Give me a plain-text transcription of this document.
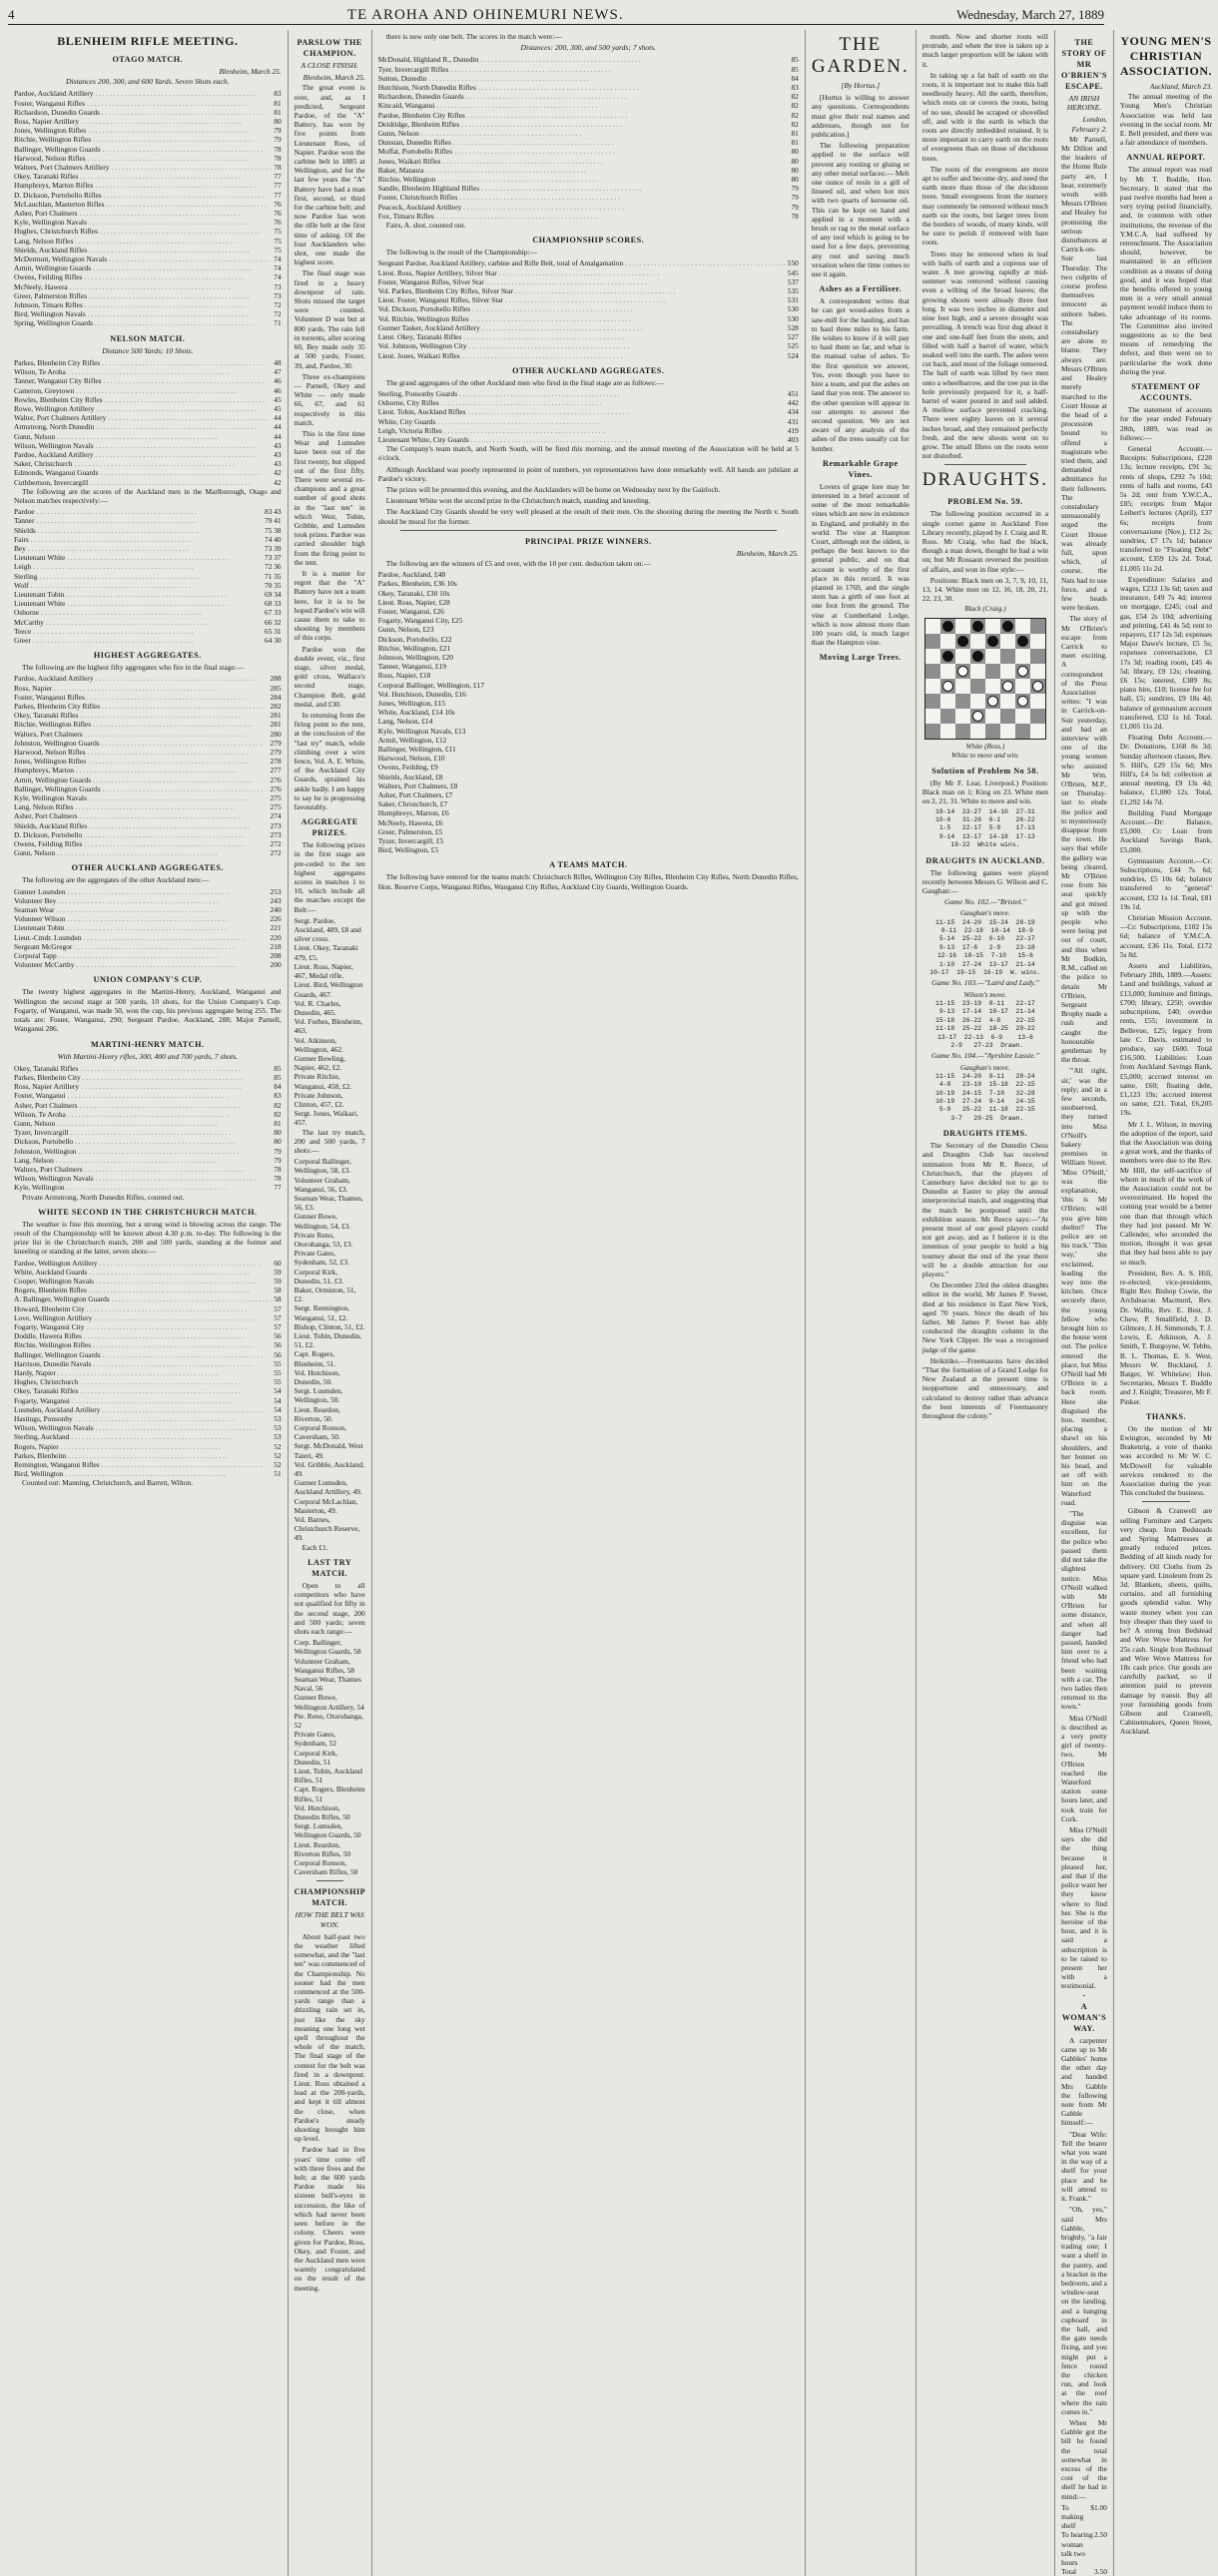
4	TE AROHA AND OHINEMURI NEWS.	Wednesday, March 27, 1889
BLENHEIM RIFLE MEETING.
OTAGO MATCH.
Blenheim, March 25.
Distances 200, 300, and 600 Yards. Seven Shots each.
Pardoe, Auckland Artillery . . .	83
Foster, Wanganui Rifles . . .	81
Richardson, Dunedin Guards . . .	81
Ross, Napier Artillery . . .	80
Jones, Wellington Rifles . . .	79
Ritchie, Wellington Rifles . . .	79
Ballinger, Wellington Guards . . .	78
Harwood, Nelson Rifles . . .	78
Walters, Port Chalmers Artillery . . .	78
Okey, Taranaki Rifles . . .	77
Humphreys, Marton Rifles . . .	77
D. Dickson, Portobello Rifles . . .	77
McLauchlan, Masterton Rifles . . .	76
Asher, Port Chalmers . . .	76
Kyle, Wellington Navals . . .	76
Hughes, Christchurch Rifles . . .	75
Lang, Nelson Rifles . . .	75
Shields, Auckland Rifles . . .	75
McDermott, Wellington Navals . . .	74
Armit, Wellington Guards . . .	74
Owens, Feilding Rifles . . .	74
McNeely, Hawera . . .	73
Greer, Palmerston Rifles . . .	73
Johnson, Timaru Rifles . . .	72
Bird, Wellington Navals . . .	72
Spring, Wellington Guards . . .	71
NELSON MATCH.
Distance 500 Yards; 10 Shots.
Parkes, Blenheim City Rifles . . .	48
Wilson, Te Aroha . . .	47
Tanner, Wanganui City Rifles . . .	46
Cameron, Greytown . . .	46
Rowles, Blenheim City Rifles . . .	45
Rowe, Wellington Artillery . . .	45
Walter, Port Chalmers Artillery . . .	44
Armstrong, North Dunedin . . .	44
Gunn, Nelson . . .	44
Wilson, Wellington Navals . . .	43
Pardoe, Auckland Artillery . . .	43
Saker, Christchurch . . .	43
Edmonds, Wanganui Guards . . .	42
Cuthbertson, Invercargill . . .	42
The following are the scores of the Auckland men in the Marlborough, Otago and Nelson matches respectively:—
Pardoe . . .	83 43
Tanner . . .	79 41
Shields . . .	75 38
Fairs . . .	74 40
Bey . . .	73 39
Lieutenant White . . .	73 37
Leigh . . .	72 36
Sterling . . .	71 35
Wolf . . .	70 35
Lieutenant Tobin . . .	69 34
Lieutenant White . . .	68 33
Osborne . . .	67 33
McCarthy . . .	66 32
Teece . . .	65 31
Greer . . .	64 30
HIGHEST AGGREGATES.
The following are the highest fifty aggregates who fire in the final stage:—
Pardoe, Auckland Artillery . . .	288
Ross, Napier . . .	285
Foster, Wanganui Rifles . . .	284
Parkes, Blenheim City Rifles . . .	282
Okey, Taranaki Rifles . . .	281
Ritchie, Wellington Rifles . . .	281
Walters, Port Chalmers . . .	280
Johnston, Wellington Guards . . .	279
Harwood, Nelson Rifles . . .	279
Jones, Wellington Rifles . . .	278
Humphreys, Marton . . .	277
Armit, Wellington Guards . . .	276
Ballinger, Wellington Guards . . .	276
Kyle, Wellington Navals . . .	275
Lang, Nelson Rifles . . .	275
Asher, Port Chalmers . . .	274
Shields, Auckland Rifles . . .	273
D. Dickson, Portobello . . .	273
Owens, Feilding Rifles . . .	272
Gunn, Nelson . . .	272
OTHER AUCKLAND AGGREGATES.
The following are the aggregates of the other Auckland men:—
Gunner Lusmden . . .	253
Volunteer Bey . . .	243
Seaman Wear . . .	240
Volunteer Wilson . . .	226
Lieutenant Tobin . . .	221
Lieut.-Cmdr. Lusmden . . .	220
Sergeant McGregor . . .	218
Corporal Tapp . . .	208
Volunteer McCarthy . . .	200
UNION COMPANY'S CUP.
The twenty highest aggregates in the Martini-Henry, Auckland, Wanganui and Wellington the second stage at 500 yards, 10 shots, for the Union Company's Cup. Fogarty, of Wanganui, was made 50, won the cup, his previous aggregate being 255. The totals are: Foster, Wanganui, 290; Sergeant Pardoe, Auckland, 288; Major Parnell, Wanganui 286.
MARTINI-HENRY MATCH.
With Martini-Henry rifles, 300, 400 and 700 yards, 7 shots.
Okey, Taranaki Rifles . . .	85
Parkes, Blenheim City . . .	85
Ross, Napier Artillery . . .	84
Foster, Wanganui . . .	83
Asher, Port Chalmers . . .	82
Wilson, Te Aroha . . .	82
Gunn, Nelson . . .	81
Tyzer, Invercargill . . .	80
Dickson, Portobello . . .	80
Johnston, Wellington . . .	79
Lang, Nelson . . .	79
Walters, Port Chalmers . . .	78
Wilson, Wellington Navals . . .	78
Kyle, Wellington . . .	77
Private Armstrong, North Dunedin Rifles, counted out.
WHITE SECOND IN THE CHRISTCHURCH MATCH.
The weather is fine this morning, but a strong wind is blowing across the range. The result of the Championship will be known about 4.30 p.m. to-day. The following is the prize list in the Christchurch match, 200 and 500 yards, standing at the former and kneeling or standing at the latter, seven shots:—
Fardoe, Wellington Artillery . . .	60
White, Auckland Guards . . .	59
Cooper, Wellington Navals . . .	59
Rogers, Blenheim Rifles . . .	58
A. Ballinger, Wellington Guards . . .	58
Howard, Blenheim City . . .	57
Love, Wellington Artillery . . .	57
Fogarty, Wanganui City . . .	57
Doddle, Hawera Rifles . . .	56
Ritchie, Wellington Rifles . . .	56
Ballinger, Wellington Guards . . .	56
Harrison, Dunedin Navals . . .	55
Hardy, Napier . . .	55
Hughes, Christchurch . . .	55
Okey, Taranaki Rifles . . .	54
Fogarty, Wanganui . . .	54
Lusmden, Auckland Artillery . . .	54
Hastings, Ponsonby . . .	53
Wilson, Wellington Navals . . .	53
Sterling, Auckland . . .	53
Rogers, Napier . . .	52
Parkes, Blenheim . . .	52
Remington, Wanganui Rifles . . .	52
Bird, Wellington . . .	51
Counted out: Manning, Christchurch, and Barrett, Wilton.
PARSLOW THE CHAMPION.
A CLOSE FINISH.
Blenheim, March 25.
The great event is over, and, as I predicted, Sergeant Pardoe, of the "A" Battery, has won by five points from Lieutenant Ross, of Napier. Pardoe won the carbine belt in 1885 at Wellington, and for the last few years the "A" Battery have had a man first, second, or third for the carbine belt; and now Pardoe has won the rifle belt at the first time of asking. Of the four Aucklanders who shot, one made the highest score.
The final stage was fired in a heavy downpour of rain. Shots missed the target were counted. Volunteer D was but at 800 yards. The rain fell in torrents, after scoring 60, Bey made only 35 at 500 yards; Foster, 39, and, Pardoe, 30.
Three ex-champions — Parnell, Okey and White — only made 66, 67, and 61 respectively in this match.
This is the first time Wear and Lumsden have been out of the first twenty, but slipped out of the first fifty. There were several ex-champions and a great number of good shots in the "last ten" in which Weir, Tobin, Gribble, and Lumsden took prizes. Pardoe was carried shoulder high from the firing point to the tent.
It is a matter for regret that the "A" Battery have not a team here, for it is to be hoped Pardoe's win will cause them to take to shooting by members of this corps.
Pardoe won the double event, viz., first stage, silver medal, gold cross, Wallace's second stage, Champion Belt, gold medal, and £30.
In returning from the firing point to the tent, at the conclusion of the "last try" match, while climbing over a wire fence, Vol. A. E. White, of the Auckland City Guards, sprained his ankle badly. I am happy to say he is progressing favourably.
AGGREGATE PRIZES.
The following prizes in the first stage are pre-ceded to the ten highest aggregates scores in matches 1 to 10, which include all the matches except the Belt:—
Sergt. Pardoe, Auckland, 489, £8 and silver cross.
Lieut. Okey, Taranaki 479, £5.
Lieut. Ross, Napier, 467, Medal rifle.
Lieut. Bird, Wellington Guards, 467.
Vol. R. Charles, Dunedin, 465.
Vol. Forbes, Blenheim, 463.
Vol. Atkinson, Wellington, 462.
Gunner Bowling, Napier, 462, £2.
Private Ritchie, Wanganui, 458, £2.
Private Johnson, Clinton, 457, £2.
Sergt. Jones, Waikari, 457.
The last try match, 200 and 500 yards, 7 shots:—
Corporal Ballinger, Wellington, 58, £3.
Volunteer Graham, Wanganui, 56, £3.
Seaman Wear, Thames, 56, £3.
Gunner Bowe, Wellington, 54, £3.
Private Reno, Otorohanga, 53, £3.
Private Gates, Sydenham, 52, £3.
Corporal Kirk, Dunedin, 51, £3.
Baker, Ormiston, 51, £2.
Sergt. Rennington, Wanganui, 51, £2.
Bishop, Clinton, 51, £2.
Lieut. Tobin, Dunedin, 51, £2.
Capt. Rogers, Blenheim, 51.
Vol. Hutchison, Dunedin, 50.
Sergt. Lusmden, Wellington, 50.
Lieut. Reardon, Riverton, 50.
Corporal Ronson, Caversham, 50.
Sergt. McDonald, West Taieri, 49.
Vol. Gribble, Auckland, 49.
Gunner Lumsden, Auckland Artillery, 49.
Corporal McLachlan, Masterton, 49.
Vol. Barnes, Christchurch Reserve, 49.
Each £1.
LAST TRY MATCH.
Open to all competitors who have not qualified for fifty in the second stage, 200 and 500 yards; seven shots each range:—
Corp. Ballinger, Wellington Guards, 58
Volunteer Graham, Wanganui Rifles, 58
Seaman Wear, Thames Naval, 56
Gunner Bowe, Wellington Artillery, 54
Pte. Reno, Otorohanga, 52
Private Gates, Sydenham, 52
Corporal Kirk, Dunedin, 51
Lieut. Tobin, Auckland Rifles, 51
Capt. Rogers, Blenheim Rifles, 51
Vol. Hutchison, Dunedin Rifles, 50
Sergt. Lumsden, Wellington Guards, 50
Lieut. Reardon, Riverton Rifles, 50
Corporal Ronson, Caversham Rifles, 50
CHAMPIONSHIP MATCH.
HOW THE BELT WAS WON.
About half-past two the weather lifted somewhat, and the "last ten" was commenced of the Championship. No sooner had the men commenced at the 500-yards range than a drizzling rain set in, just like the sky meaning one long wet spell throughout the whole of the match. The final stage of the contest for the belt was fired in a downpour. Lieut. Ross obtained a lead at the 200-yards, and kept it till almost the close, when Pardoe's steady shooting brought him up level.
Pardoe had in five years' time come off with three fives and the belt; at the 600 yards Pardoe made his sixteen bull's-eyes in succession, the like of which had never been seen before in the colony. Cheers were given for Pardoe, Ross, Okey, and Foster, and the Auckland men were warmly congratulated on the result of the meeting.
there is now only one belt. The scores in the match were:—
Distances: 200, 300, and 500 yards; 7 shots.
McDonald, Highland R., Dunedin . . .	85
Tyer, Invercargill Rifles . . .	85
Sutton, Dunedin . . .	84
Hutchison, North Dunedin Rifles . . .	83
Richardson, Dunedin Guards . . .	82
Kincaid, Wanganui . . .	82
Pardoe, Blenheim City Rifles . . .	82
Deidridge, Blenheim Rifles . . .	82
Gunn, Nelson . . .	81
Dunstan, Dunedin Rifles . . .	81
Moffat, Portobello Rifles . . .	80
Jones, Waikari Rifles . . .	80
Baker, Mataura . . .	80
Ritchie, Wellington . . .	80
Sandle, Blenheim Highland Rifles . . .	79
Foster, Christchurch Rifles . . .	79
Peacock, Auckland Artillery . . .	79
Fox, Timaru Rifles . . .	78
Fairs, A. shot, counted out.
CHAMPIONSHIP SCORES.
The following is the result of the Championship:—
Sergeant Pardoe, Auckland Artillery, carbine and Rifle Belt, total of Amalgamation . . .	550
Lieut. Ross, Napier Artillery, Silver Star . . .	545
Foster, Wanganui Rifles, Silver Star . . .	537
Vol. Parkes, Blenheim City Rifles, Silver Star . . .	535
Lieut. Foster, Wanganui Rifles, Silver Star . . .	531
Vol. Dickson, Portobello Rifles . . .	530
Vol. Ritchie, Wellington Rifles . . .	530
Gunner Tasker, Auckland Artillery . . .	528
Lieut. Okey, Taranaki Rifles . . .	527
Vol. Johnson, Wellington City . . .	525
Lieut. Jones, Waikari Rifles . . .	524
OTHER AUCKLAND AGGREGATES.
The grand aggregates of the other Auckland men who fired in the final stage are as follows:—
Sterling, Ponsonby Guards . . .	451
Osborne, City Rifles . . .	442
Lieut. Tobin, Auckland Rifles . . .	434
White, City Guards . . .	431
Leigh, Victoria Rifles . . .	419
Lieutenant White, City Guards . . .	403
The Company's team match, and North South, will be fired this morning, and the annual meeting of the Association will be held at 5 o'clock.
Although Auckland was poorly represented in point of numbers, yet representatives have done remarkably well. All hands are jubilant at Pardoe's victory.
The prizes will be presented this evening, and the Aucklanders will be home on Wednesday next by the Gairloch.
Lieutenant White won the second prize in the Christchurch match, standing and kneeling.
The Auckland City Guards should be very well pleased at the result of their men. On the shooting during the meeting the North v. South should be moral for the former.
PRINCIPAL PRIZE WINNERS.
Blenheim, March 25.
The following are the winners of £5 and over, with the 10 per cent. deduction taken on:—
Pardoe, Auckland, £48
Parkes, Blenheim, £36 10s
Okey, Taranaki, £30 10s
Lieut. Ross, Napier, £28
Foster, Wanganui, £26
Fogarty, Wanganui City, £25
Gunn, Nelson, £23
Dickson, Portobello, £22
Ritchie, Wellington, £21
Johnson, Wellington, £20
Tanner, Wanganui, £19
Ross, Napier, £18
Corporal Ballinger, Wellington, £17
Vol. Hutchison, Dunedin, £16
Jones, Wellington, £15
White, Auckland, £14 10s
Lang, Nelson, £14
Kyle, Wellington Navals, £13
Armit, Wellington, £12
Ballinger, Wellington, £11
Harwood, Nelson, £10
Owens, Feilding, £9
Shields, Auckland, £8
Walters, Port Chalmers, £8
Asher, Port Chalmers, £7
Saker, Christchurch, £7
Humphreys, Marton, £6
McNeely, Hawera, £6
Greer, Palmerston, £5
Tyzer, Invercargill, £5
Bird, Wellington, £5
A TEAMS MATCH.
The following have entered for the teams match: Christchurch Rifles, Wellington City Rifles, Blenheim City Rifles, North Dunedin Rifles, Hon. Reserve Corps, Wanganui Rifles, Wanganui City Rifles, Auckland City Guards, Wellington Guards.
THE GARDEN.
[By Hortus.]
[Hortus is willing to answer any questions. Correspondents must give their real names and addresses, though not for publication.]
The following preparation applied to the surface will prevent any rooting or gluing or any other metal surfaces:— Melt one ounce of resin in a gill of linseed oil, and when hot mix with two quarts of kerosene oil. This can be kept on hand and applied in a moment with a brush or rag to the metal surface of any tool which is going to be used for a few days, preventing any rust and saving much vexation when the time comes to use it again.
Ashes as a Fertiliser.
A correspondent writes that he can get wood-ashes from a saw-mill for the hauling, and has to haul three miles to his farm. He wishes to know if it will pay to haul them so far, and what is the manual value of ashes. To the first question we answer, Yes, even though you have to hire a team, and put the ashes on land that you rent. The answer to the other question will appear in our attempts to answer the second question. We are not aware of any analysis of the ashes of the trees usually cut for lumber.
Remarkable Grape Vines.
Lovers of grape lore may be interested in a brief account of some of the most remarkable vines which are now in existence in England, and probably in the world. The vine at Hampton Court, although not the oldest, is perhaps the best known to the general public, and on that account is worthy of the first place in this record. It was planted in 1769, and the single stem has a girth of one foot at one foot from the ground. The vine at Cumberland Lodge, which is now almost more than 100 years old, is much larger than the Hampton vine.
Moving Large Trees.
month. Now and shorter roots will protrude, and when the tree is taken up a much larger proportion will be taken with it.
In taking up a fat ball of earth on the roots, it is important not to make this ball needlessly heavy. All the earth, therefore, which rests on or covers the roots, being of no use, should be scraped or shovelled off, and with it the earth in which the roots are directly imbedded retained. It is more important to carry earth on the roots of evergreens than on those of deciduous trees.
The roots of the evergreens are more apt to suffer and become dry, and need the earth more than those of the deciduous trees. Small evergreens from the nursery may commonly be removed without much earth on the roots, but larger trees from the borders of woods, of many kinds, will be sure to perish if removed with bare roots.
Trees may be removed when in leaf with balls of earth and a copious use of water. A tree growing rapidly at mid-summer was removed without causing even a wilting of the broad leaves; the growing shoots were already three feet long. It was two inches in diameter and nine feet high, and a severe drought was prevailing. A trench was first dug about it one and one-half feet from the stem, and filled with half a barrel of water, which soaked well into the earth. The ashes were cut back, and most of the foliage removed. The ball of earth was lifted by two men onto a wheelbarrow, and the tree put in the hole previously prepared for it, a half-barrel of water poured in and soil added. A mellow surface prevented cracking. There were eighty leaves on it several inches broad, and they remained perfectly fresh, and the new shoots went on to grow. The small fibres on the roots were not disturbed.
DRAUGHTS.
PROBLEM No. 59.
The following position occurred in a single corner game in Auckland Free Library recently, played by J. Craig and R. Ross. Mr Craig, who had the black, though a man down, thought he had a win on; but Mr Rossaon reversed the position of affairs, and won in fine style:—
Positions: Black men on 3, 7, 9, 10, 11, 13, 14. White men on 12, 16, 18, 20, 21, 22, 23, 30.
Black (Craig.)
White (Ross.)
White to move and win.
Solution of Problem No 58.
(By Mr F. Lear, Liverpool.) Position: Black man on 1; King on 23. White men on 2, 21, 31. White to move and win.
18-14  23-27  14-10  27-31
10-6   31-26  6-1    26-22
1-5   22-17  5-9    17-13
9-14  13-17  14-18  17-13
18-22  White wins.
DRAUGHTS IN AUCKLAND.
The following games were played recently between Messrs G. Wilson and C. Gaughan:—
Game No. 102.—"Bristol."
Gaughan's move.
11-15  24-20  15-24  28-19
8-11  22-18  10-14  18-9
5-14  25-22  6-10   22-17
9-13  17-6   2-9    23-18
12-16  18-15  7-10   15-6
1-10  27-24  13-17  21-14
10-17  19-15  16-19  W. wins.
Game No. 103.—"Laird and Lady."
Wilson's move.
11-15  23-19  8-11   22-17
9-13  17-14  10-17  21-14
15-18  26-22  4-8    22-15
11-18  25-22  18-25  29-22
13-17  22-13  6-9    13-6
2-9   27-23  Drawn.
Game No. 104.—"Ayrshire Lassie."
Gaughan's move.
11-15  24-20  8-11   28-24
4-8   23-19  15-18  22-15
10-19  24-15  7-10   32-28
10-19  27-24  9-14   24-15
5-9   25-22  11-18  22-15
3-7   29-25  Drawn.
DRAUGHTS ITEMS.
The Secretary of the Dunedin Chess and Draughts Club has received intimation from Mr R. Reece, of Christchurch, that the players of Canterbury have decided not to go to Dunedin at Easter to play the annual interprovincial match, and suggesting that the match be postponed until the exhibition season. Mr Reece says:—"At present most of our good players could not get away, and as I believe it is the intention of your people to hold a big tourney about the end of the year there will be a double attraction for our players."
On December 23rd the oldest draughts editor in the world, Mr James P. Sweet, died at his residence in East New York, aged 70 years. Since the death of his father, Mr James P. Sweet has ably conducted the draughts column in the New York Clipper. He was a recognised judge of the game.
Heikitiko.—Freemasons have decided "That the formation of a Grand Lodge for New Zealand at the present time is inopportune and unnecessary, and calculated to destroy rather than advance the best interests of Freemasonry throughout the colony."
THE STORY OF MR O'BRIEN'S ESCAPE.
AN IRISH HEROINE.
London, February 2.
Mr Parnell, Mr Dillon and the leaders of the Home Rule party are, I hear, extremely wroth with Messrs O'Brien and Healey for promoting the serious disturbances at Carrick-on-Suir last Thursday. The two culprits of course profess themselves innocent as unborn babes. The constabulary are alone to blame. They always are. Messrs O'Brien and Healey merely marched to the Court House at the head of a procession bound to offend a magistrate who tried them, and demanded admittance for their followers. The constabulary unreasonably urged the Court House was already full, upon which, of course, the Nats had to use force, and a few heads were broken.
The story of Mr O'Brien's escape from Carrick to meet exciting. A correspondent of the Press Association writes: "I was in Carrick-on-Suir yesterday, and had an interview with one of the young women who assisted Mr Wm. O'Brien, M.P., on Thursday-last to elude the police and to mysteriously disappear from the town. He says that while the gallery was being cleared, Mr O'Brien rose from his seat quickly and got mixed up with the people who were being put out of court, and thus when Mr Bodkin, R.M., called on the police to detain Mr O'Brien, Sergeant Brophy made a rush and caught the honourable gentleman by the throat.
"'All right, sir,' was the reply; and in a few seconds, unobserved, they turned into Miss O'Neill's bakery premises in William Street. 'Miss O'Neill,' was the explanation, 'this is Mr O'Brien; will you give him shelter? The police are on his track.' 'This way,' she exclaimed, leading the way into the kitchen. Once securely there, the young fellow who brought him to the house went out. The police entered the place, but Miss O'Neill had Mr O'Brien in a back room. Here she disguised the hon. member, placing a shawl on his shoulders, and her bonnet on his head, and set off with him on the Waterford road.
"The disguise was excellent, for the police who passed them did not take the slightest notice. Miss O'Neill walked with Mr O'Brien for some distance, and when all danger had passed, handed him over to a friend who had been waiting with a car. The two ladies then returned to the town."
Miss O'Neill is described as a very pretty girl of twenty-two. Mr O'Brien reached the Waterford station some hours later, and took train for Cork.
Miss O'Neill says she did the thing because it pleased her, and that if the police want her they know where to find her. She is the heroine of the hour, and it is said a subscription is to be raised to present her with a testimonial.
A WOMAN'S WAY.
A carpenter came up to Mr Gabbles' home the other day and handed Mrs Gabble the following note from Mr Gabble himself:—
"Dear Wife: Tell the bearer what you want in the way of a shelf for your place and he will attend to it. Frank."
"Oh, yes," said Mrs Gabble, brightly, "a fair trading one; I want a shelf in the pantry, and a bracket in the bedroom, and a window-seat on the landing, and a hanging cupboard in the hall, and the gate needs fixing, and you might put a fence round the chicken run, and look at the roof where the rain comes in."
When Mr Gabble got the bill he found the total somewhat in excess of the cost of the shelf he had in mind:—
To making shelf
$1.00
To hearing woman talk two hours
2.50
Total 3.50
YOUNG MEN'S CHRISTIAN ASSOCIATION.
Auckland, March 23.
The annual meeting of the Young Men's Christian Association was held last evening in the social room. Mr E. Bell presided, and there was a fair attendance of members.
ANNUAL REPORT.
The annual report was read by Mr T. Buddle, Hon. Secretary. It stated that the past twelve months had been a very trying period financially, and, in common with other institutions, the revenue of the Y.M.C.A. had suffered by retrenchment. The Association should, however, be maintained in an efficient condition as a means of doing good, and it was hoped that the benefits offered to young men in a very small annual payment would induce them to take advantage of its rooms. The Committee also invited suggestions as to the best means of remedying the defect, and then went on to particularise the work done during the year.
STATEMENT OF ACCOUNTS.
The statement of accounts for the year ended February 28th, 1889, was read as follows:—
General Account.—Receipts: Subscriptions, £228 13s; lecture receipts, £91 3s; rents of shops, £292 7s 10d; rents of halls and rooms, £43 5s 2d; rent from Y.W.C.A., £85; receipts from Major Leibert's lectures (April), £37 6s; receipts from conversazione (Nov.), £12 2s; sundries, £7 17s 1d; balance transferred to "Floating Debt" account, £359 12s 2d. Total, £1,005 11s 2d.
Expenditure: Salaries and wages, £233 13s 6d; taxes and insurance, £49 7s 4d; interest on mortgage, £245; coal and gas, £54 2s 10d; advertising and printing, £41 4s 5d; rent to repayers, £17 12s 5d; expenses Major Dawe's lecture, £5 5s; expenses conversazione, £3 17s 3d; reading room, £45 4s 5d; library, £9 12s; cleaning, £6 15s; interest, £389 8s; piano hire, £10; license fee for hall, £5; sundries, £9 18s 4d; balance of gymnasium account transferred, £32 1s 1d. Total, £1,005 11s 2d.
Floating Debt Account.—Dr: Donations, £168 8s 3d; Sunday afternoon classes, Rev. S. Hill's, £29 15s 6d; Mrs Hill's, £4 5s 6d; collection at annual meeting, £9 13s 4d; balance, £1,080 12s. Total, £1,292 14s 7d.
Building Fund Mortgage Account.—Dr: Balance, £5,000. Cr: Loan from Auckland Savings Bank, £5,000.
Gymnasium Account.—Cr: Subscriptions, £44 7s 6d; sundries, £5 10s 6d; balance transferred to "general" account, £32 1s 1d. Total, £81 19s 1d.
Christian Mission Account.—Cr: Subscriptions, £102 15s 6d; balance of Y.M.C.A. account, £36 11s. Total, £172 5s 8d.
Assets and Liabilities, February 28th, 1889.—Assets: Land and buildings, valued at £13,000; furniture and fittings, £700; library, £250; overdue subscriptions, £40; overdue rents, £55; investment in Bellevue, £25; legacy from late C. Davis, estimated to produce, say £600. Total £16,500. Liabilities: Loan from Auckland Savings Bank, £5,000; accrued interest on same, £60; floating debt, £1,123 19s; accrued interest on same, £21. Total, £6,205 19s.
Mr J. L. Wilson, in moving the adoption of the report, said that the Association was doing a great work, and the thanks of members were due to the Rev. Mr Hill, the self-sacrifice of whom in much of the work of the Association could not be overestimated. He hoped the coming year would be a better one than that through which they had just passed. Mr W. Callender, who seconded the motion, thought it was great that they had been able to pay so much.
President, Rev. A. S. Hill, re-elected; vice-presidents, Right Rev. Bishop Cowie, the Archdeacon Macmurd, Rev. Dr. Wallis, Rev. E. Best, J. Chew, P. Smallfield, J. D. Gilmore, J. H. Simmonds, T. J. Lewis, E. Atkinson, A. J. Smith, T. Burgoyne, W. Tebbs, B. L. Thomas, E. S. West, Messrs W. Buckland, J. Batger, W. Whitelaw; Hon. Secretaries, Messrs T. Buddle and J. Knight; Treasurer, Mr F. Pinker.
THANKS.
On the motion of Mr Ewington, seconded by Mr Brakenrig, a vote of thanks was accorded to Mr W. C. McDowell for valuable services rendered to the Association during the year. This concluded the business.
Gibson & Cranwell are selling Furniture and Carpets very cheap. Iron Bedsteads and Spring Mattresses at greatly reduced prices. Bedding of all kinds ready for delivery. Oil Cloths from 2s square yard. Linoleum from 2s 3d. Blankets, sheets, quilts, curtains, and all furnishing goods splendid value. Why waste money when you can buy cheaper than they used to be? A strong Iron Bedstead and Wire Wove Mattress for 25s cash. Single Iron Bedstead and Wire Wove Mattress for 18s cash price. Our goods are carefully packed, so if attention paid to prevent damage by transit. Buy all your furnishing goods from Gibson and Cranwell, Cabinetmakers, Queen Street, Auckland.
